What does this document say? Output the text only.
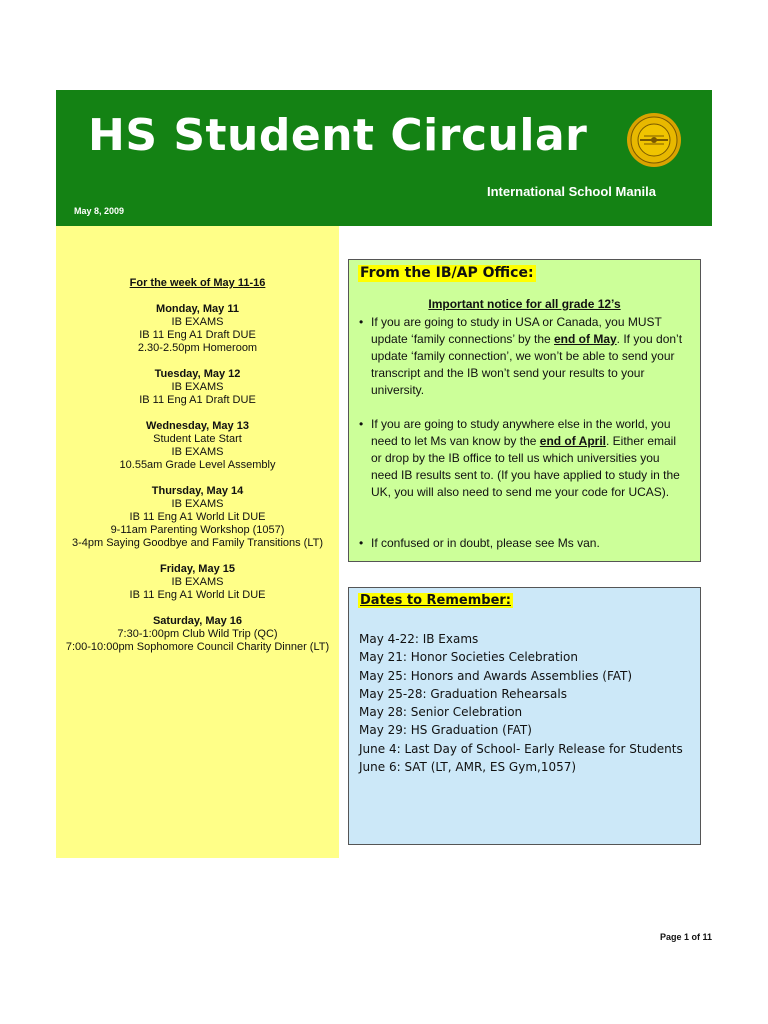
HS Student Circular
International School Manila
May 8, 2009
For the week of May 11-16
Monday, May 11
IB EXAMS
IB 11 Eng A1 Draft DUE
2.30-2.50pm Homeroom
Tuesday, May 12
IB EXAMS
IB 11 Eng A1 Draft DUE
Wednesday, May 13
Student Late Start
IB EXAMS
10.55am Grade Level Assembly
Thursday, May 14
IB EXAMS
IB 11 Eng A1 World Lit DUE
9-11am Parenting Workshop (1057)
3-4pm Saying Goodbye and Family Transitions (LT)
Friday, May 15
IB EXAMS
IB 11 Eng A1 World Lit DUE
Saturday, May 16
7:30-1:00pm Club Wild Trip (QC)
7:00-10:00pm Sophomore Council Charity Dinner (LT)
From the IB/AP Office:
Important notice for all grade 12’s
• If you are going to study in USA or Canada, you MUST update ‘family connections’ by the end of May. If you don’t update ‘family connection’, we won’t be able to send your transcript and the IB won’t send your results to your university.
• If you are going to study anywhere else in the world, you need to let Ms van know by the end of April. Either email or drop by the IB office to tell us which universities you need IB results sent to. (If you have applied to study in the UK, you will also need to send me your code for UCAS).
• If confused or in doubt, please see Ms van.
Dates to Remember:
May 4-22: IB Exams
May 21: Honor Societies Celebration
May 25: Honors and Awards Assemblies (FAT)
May 25-28: Graduation Rehearsals
May 28: Senior Celebration
May 29: HS Graduation (FAT)
June 4: Last Day of School- Early Release for Students
June 6: SAT (LT, AMR, ES Gym,1057)
Page 1 of 11
